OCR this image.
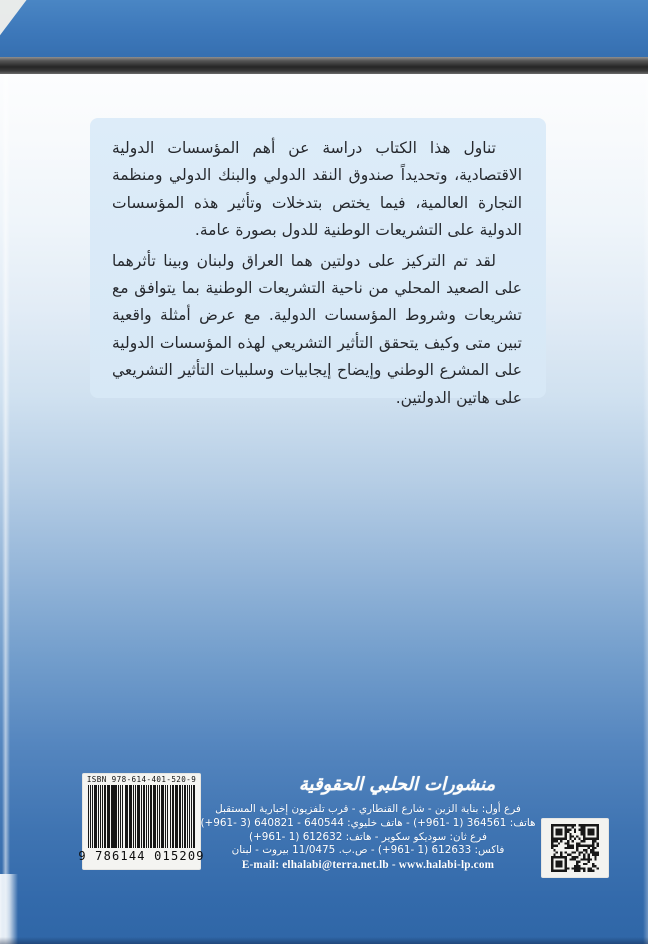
تناول هذا الكتاب دراسة عن أهم المؤسسات الدولية الاقتصادية، وتحديداً صندوق النقد الدولي والبنك الدولي ومنظمة التجارة العالمية، فيما يختص بتدخلات وتأثير هذه المؤسسات الدولية على التشريعات الوطنية للدول بصورة عامة.

لقد تم التركيز على دولتين هما العراق ولبنان وبينا تأثرهما على الصعيد المحلي من ناحية التشريعات الوطنية بما يتوافق مع تشريعات وشروط المؤسسات الدولية. مع عرض أمثلة واقعية تبين متى وكيف يتحقق التأثير التشريعي لهذه المؤسسات الدولية على المشرع الوطني وإيضاح إيجابيات وسلبيات التأثير التشريعي على هاتين الدولتين.

ISBN 978-614-401-520-9
9 786144 015209
منشورات الحلبي الحقوقية
فرع أول: بناية الزين - شارع القنطاري - قرب تلفزيون إخبارية المستقبل
هاتف: 364561 (1 -961+) - هاتف خليوي: 640544 - 640821 (3 -961+)
فرع ثان: سوديكو سكوير - هاتف: 612632 (1 -961+)
فاكس: 612633 (1 -961+) - ص.ب. 11/0475 بيروت - لبنان
E-mail: elhalabi@terra.net.lb - www.halabi-lp.com
